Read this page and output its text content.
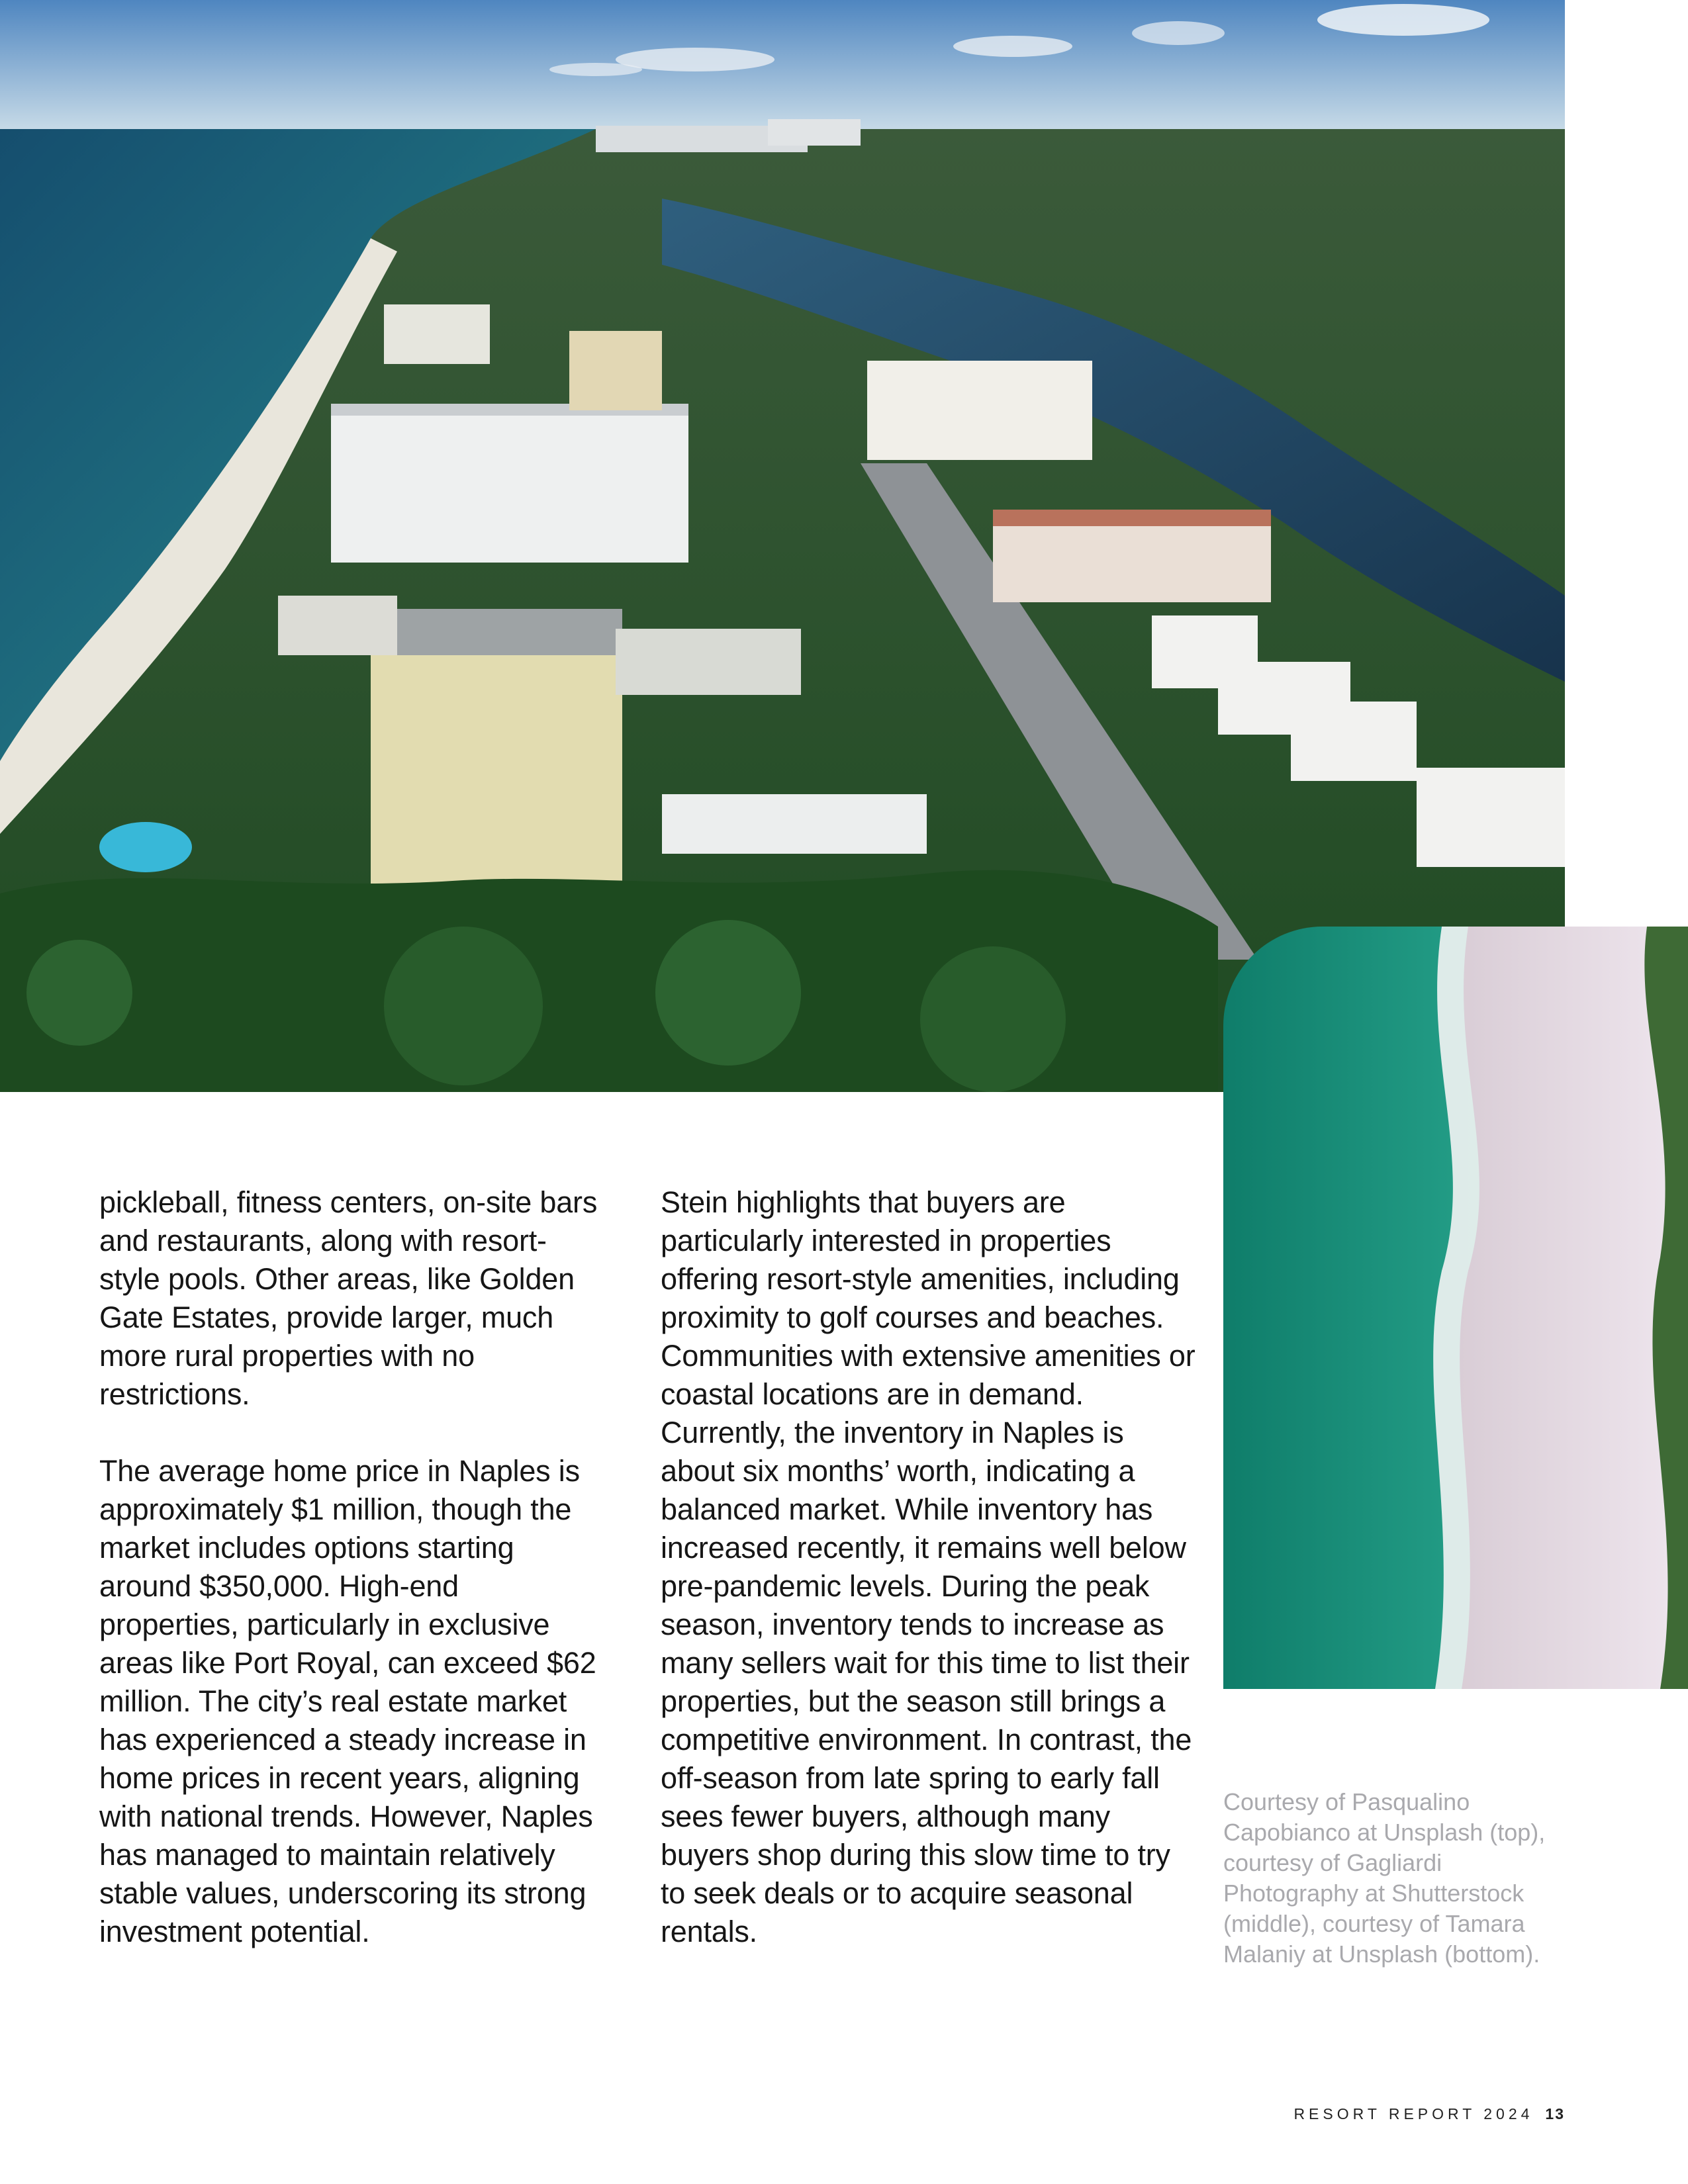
pickleball, fitness centers, on-site bars and restaurants, along with resort-style pools. Other areas, like Golden Gate Estates, provide larger, much more rural properties with no restrictions.

The average home price in Naples is approximately $1 million, though the market includes options starting around $350,000. High-end properties, particularly in exclusive areas like Port Royal, can exceed $62 million. The city’s real estate market has experienced a steady increase in home prices in recent years, aligning with national trends. However, Naples has managed to maintain relatively stable values, underscoring its strong investment potential.

Stein highlights that buyers are particularly interested in properties offering resort-style amenities, including proximity to golf courses and beaches. Communities with extensive amenities or coastal locations are in demand. Currently, the inventory in Naples is about six months’ worth, indicating a balanced market. While inventory has increased recently, it remains well below pre-pandemic levels. During the peak season, inventory tends to increase as many sellers wait for this time to list their properties, but the season still brings a competitive environment. In contrast, the off-season from late spring to early fall sees fewer buyers, although many buyers shop during this slow time to try to seek deals or to acquire seasonal rentals.

Courtesy of Pasqualino Capobianco at Unsplash (top), courtesy of Gagliardi Photography at Shutterstock (middle), courtesy of Tamara Malaniy at Unsplash (bottom).
RESORT REPORT 2024 13
